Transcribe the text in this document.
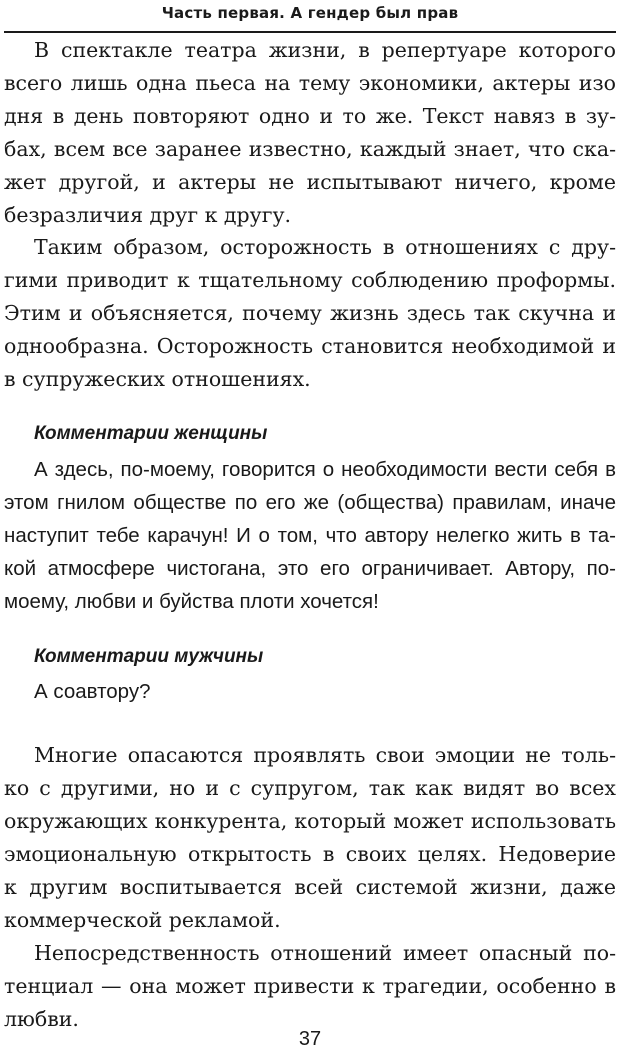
Часть первая. А гендер был прав
В спектакле театра жизни, в репертуаре которого
всего лишь одна пьеса на тему экономики, актеры изо
дня в день повторяют одно и то же. Текст навяз в зу-
бах, всем все заранее известно, каждый знает, что ска-
жет другой, и актеры не испытывают ничего, кроме
безразличия друг к другу.
Таким образом, осторожность в отношениях с дру-
гими приводит к тщательному соблюдению проформы.
Этим и объясняется, почему жизнь здесь так скучна и
однообразна. Осторожность становится необходимой и
в супружеских отношениях.
Комментарии женщины
А здесь, по-моему, говорится о необходимости вести себя в
этом гнилом обществе по его же (общества) правилам, иначе
наступит тебе карачун! И о том, что автору нелегко жить в та-
кой атмосфере чистогана, это его ограничивает. Автору, по-
моему, любви и буйства плоти хочется!
Комментарии мужчины
А соавтору?
Многие опасаются проявлять свои эмоции не толь-
ко с другими, но и с супругом, так как видят во всех
окружающих конкурента, который может использовать
эмоциональную открытость в своих целях. Недоверие
к другим воспитывается всей системой жизни, даже
коммерческой рекламой.
Непосредственность отношений имеет опасный по-
тенциал — она может привести к трагедии, особенно в
любви.
37
